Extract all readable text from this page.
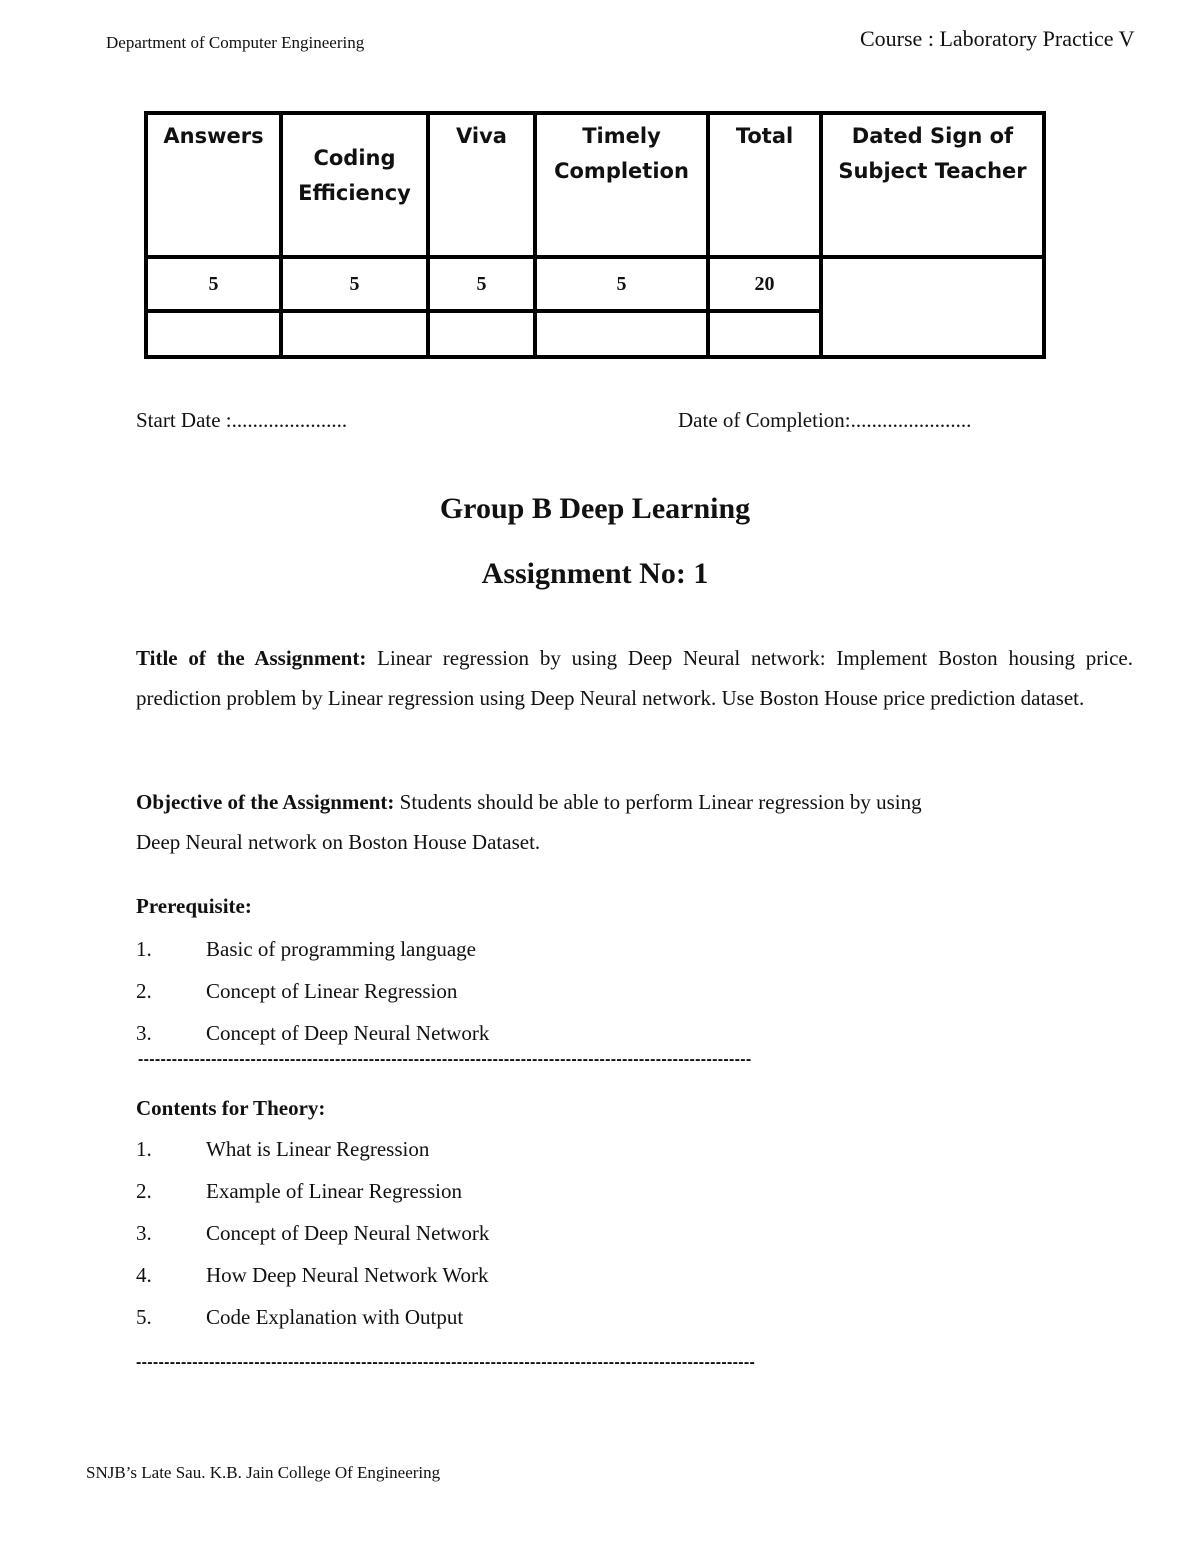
Department of Computer Engineering	Course : Laboratory Practice V
Answers	Coding Efficiency	Viva	Timely Completion	Total	Dated Sign of Subject Teacher
5	5	5	5	20	

Start Date :......................	Date of Completion:.......................
Group B Deep Learning
Assignment No: 1
Title of the Assignment: Linear regression by using Deep Neural network: Implement Boston housing price. prediction problem by Linear regression using Deep Neural network. Use Boston House price prediction dataset.
Objective of the Assignment: Students should be able to perform Linear regression by using
Deep Neural network on Boston House Dataset.
Prerequisite:
1.	Basic of programming language
2.	Concept of Linear Regression
3.	Concept of Deep Neural Network
-------------------------------------------------------------------------------------------------------------
Contents for Theory:
1.	What is Linear Regression
2.	Example of Linear Regression
3.	Concept of Deep Neural Network
4.	How Deep Neural Network Work
5.	Code Explanation with Output
--------------------------------------------------------------------------------------------------------------
SNJB’s Late Sau. K.B. Jain College Of Engineering
